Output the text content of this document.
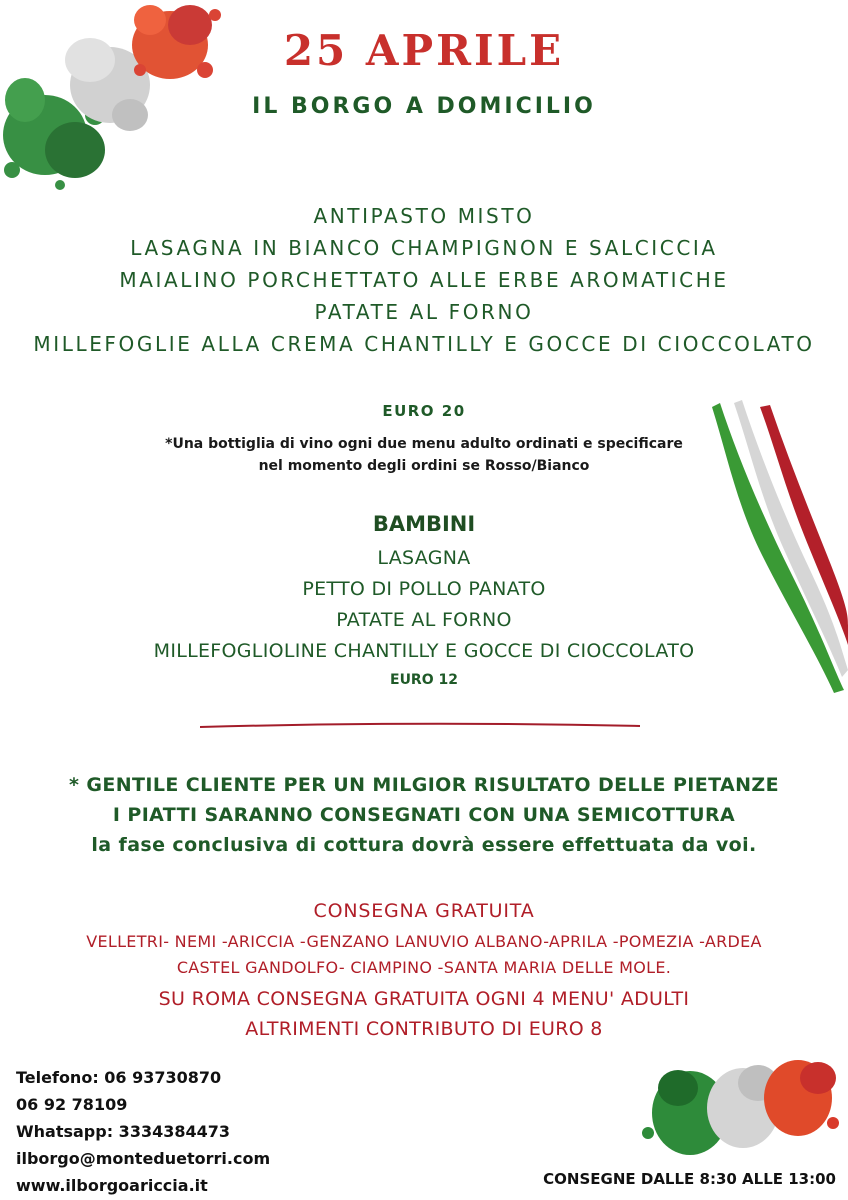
25 APRILE
IL BORGO A DOMICILIO
ANTIPASTO MISTO
LASAGNA IN BIANCO CHAMPIGNON E SALCICCIA
MAIALINO PORCHETTATO ALLE ERBE AROMATICHE
PATATE AL FORNO
MILLEFOGLIE ALLA CREMA CHANTILLY E GOCCE DI CIOCCOLATO
EURO 20
*Una bottiglia di vino ogni due menu adulto ordinati e specificare
nel momento degli ordini se Rosso/Bianco
BAMBINI
LASAGNA
PETTO DI POLLO PANATO
PATATE AL FORNO
MILLEFOGLIOLINE CHANTILLY E GOCCE DI CIOCCOLATO
EURO 12
* GENTILE CLIENTE PER UN MILGIOR RISULTATO DELLE PIETANZE
I PIATTI SARANNO CONSEGNATI CON UNA SEMICOTTURA
la fase conclusiva di cottura dovrà essere effettuata da voi.
CONSEGNA GRATUITA
VELLETRI- NEMI -ARICCIA -GENZANO LANUVIO ALBANO-APRILA -POMEZIA -ARDEA
CASTEL GANDOLFO- CIAMPINO -SANTA MARIA DELLE MOLE.
SU ROMA CONSEGNA GRATUITA OGNI 4 MENU' ADULTI
ALTRIMENTI CONTRIBUTO DI EURO 8
Telefono: 06 93730870
06 92 78109
Whatsapp: 3334384473
ilborgo@monteduetorri.com
www.ilborgoariccia.it	CONSEGNE DALLE 8:30 ALLE 13:00
